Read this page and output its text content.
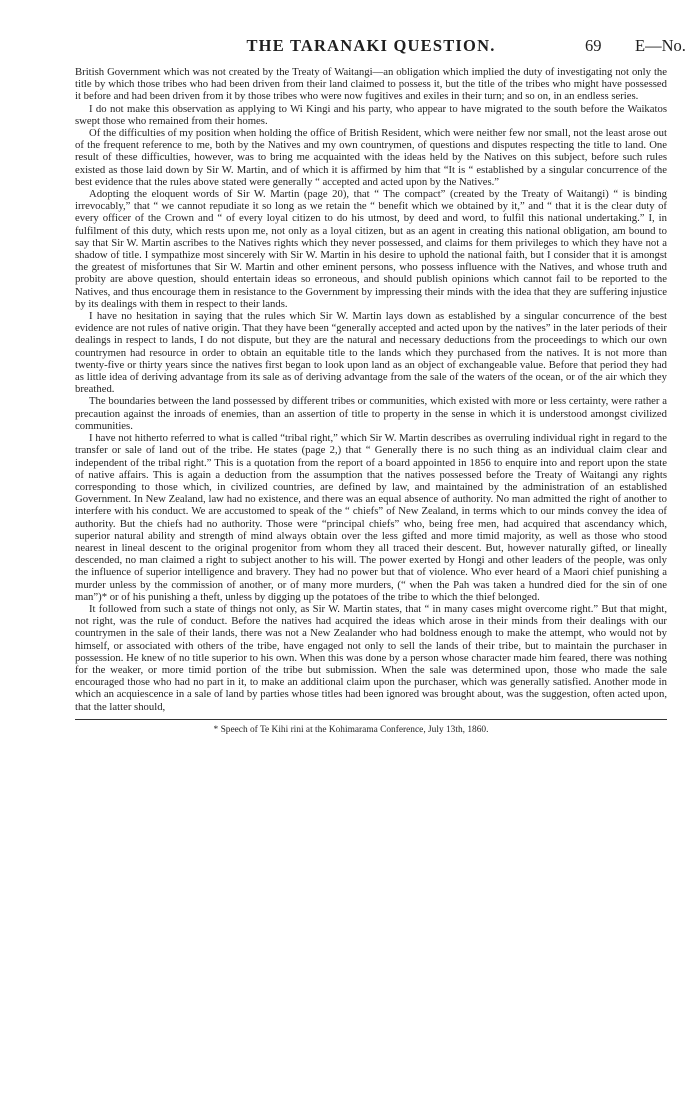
THE TARANAKI QUESTION.	69 E—No.

British Government which was not created by the Treaty of Waitangi—an obligation which implied the duty of investigating not only the title by which those tribes who had been driven from their land claimed to possess it, but the title of the tribes who might have possessed it before and had been driven from it by those tribes who were now fugitives and exiles in their turn; and so on, in an endless series.

I do not make this observation as applying to Wi Kingi and his party, who appear to have migrated to the south before the Waikatos swept those who remained from their homes.

Of the difficulties of my position when holding the office of British Resident, which were neither few nor small, not the least arose out of the frequent reference to me, both by the Natives and my own countrymen, of questions and disputes respecting the title to land. One result of these difficulties, however, was to bring me acquainted with the ideas held by the Natives on this subject, before such rules existed as those laid down by Sir W. Martin, and of which it is affirmed by him that “It is “ established by a singular concurrence of the best evidence that the rules above stated were generally “ accepted and acted upon by the Natives.”

Adopting the eloquent words of Sir W. Martin (page 20), that “ The compact” (created by the Treaty of Waitangi) “ is binding irrevocably,” that “ we cannot repudiate it so long as we retain the “ benefit which we obtained by it,” and “ that it is the clear duty of every officer of the Crown and “ of every loyal citizen to do his utmost, by deed and word, to fulfil this national undertaking.” I, in fulfilment of this duty, which rests upon me, not only as a loyal citizen, but as an agent in creating this national obligation, am bound to say that Sir W. Martin ascribes to the Natives rights which they never possessed, and claims for them privileges to which they have not a shadow of title. I sympathize most sincerely with Sir W. Martin in his desire to uphold the national faith, but I consider that it is amongst the greatest of misfortunes that Sir W. Martin and other eminent persons, who possess influence with the Natives, and whose truth and probity are above question, should entertain ideas so erroneous, and should publish opinions which cannot fail to be reported to the Natives, and thus encourage them in resistance to the Government by impressing their minds with the idea that they are suffering injustice by its dealings with them in respect to their lands.

I have no hesitation in saying that the rules which Sir W. Martin lays down as established by a singular concurrence of the best evidence are not rules of native origin. That they have been “generally accepted and acted upon by the natives” in the later periods of their dealings in respect to lands, I do not dispute, but they are the natural and necessary deductions from the proceedings to which our own countrymen had resource in order to obtain an equitable title to the lands which they purchased from the natives. It is not more than twenty-five or thirty years since the natives first began to look upon land as an object of exchangeable value. Before that period they had as little idea of deriving advantage from its sale as of deriving advantage from the sale of the waters of the ocean, or of the air which they breathed.

The boundaries between the land possessed by different tribes or communities, which existed with more or less certainty, were rather a precaution against the inroads of enemies, than an assertion of title to property in the sense in which it is understood amongst civilized communities.

I have not hitherto referred to what is called “tribal right,” which Sir W. Martin describes as overruling individual right in regard to the transfer or sale of land out of the tribe. He states (page 2,) that “ Generally there is no such thing as an individual claim clear and independent of the tribal right.” This is a quotation from the report of a board appointed in 1856 to enquire into and report upon the state of native affairs. This is again a deduction from the assumption that the natives possessed before the Treaty of Waitangi any rights corresponding to those which, in civilized countries, are defined by law, and maintained by the administration of an established Government. In New Zealand, law had no existence, and there was an equal absence of authority. No man admitted the right of another to interfere with his conduct. We are accustomed to speak of the “ chiefs” of New Zealand, in terms which to our minds convey the idea of authority. But the chiefs had no authority. Those were “principal chiefs” who, being free men, had acquired that ascendancy which, superior natural ability and strength of mind always obtain over the less gifted and more timid majority, as well as those who stood nearest in lineal descent to the original progenitor from whom they all traced their descent. But, however naturally gifted, or lineally descended, no man claimed a right to subject another to his will. The power exerted by Hongi and other leaders of the people, was only the influence of superior intelligence and bravery. They had no power but that of violence. Who ever heard of a Maori chief punishing a murder unless by the commission of another, or of many more murders, (“ when the Pah was taken a hundred died for the sin of one man”)* or of his punishing a theft, unless by digging up the potatoes of the tribe to which the thief belonged.

It followed from such a state of things not only, as Sir W. Martin states, that “ in many cases might overcome right.” But that might, not right, was the rule of conduct. Before the natives had acquired the ideas which arose in their minds from their dealings with our countrymen in the sale of their lands, there was not a New Zealander who had boldness enough to make the attempt, who would not by himself, or associated with others of the tribe, have engaged not only to sell the lands of their tribe, but to maintain the purchaser in possession. He knew of no title superior to his own. When this was done by a person whose character made him feared, there was nothing for the weaker, or more timid portion of the tribe but submission. When the sale was determined upon, those who made the sale encouraged those who had no part in it, to make an additional claim upon the purchaser, which was generally satisfied. Another mode in which an acquiescence in a sale of land by parties whose titles had been ignored was brought about, was the suggestion, often acted upon, that the latter should,

* Speech of Te Kihi rini at the Kohimarama Conference, July 13th, 1860.
